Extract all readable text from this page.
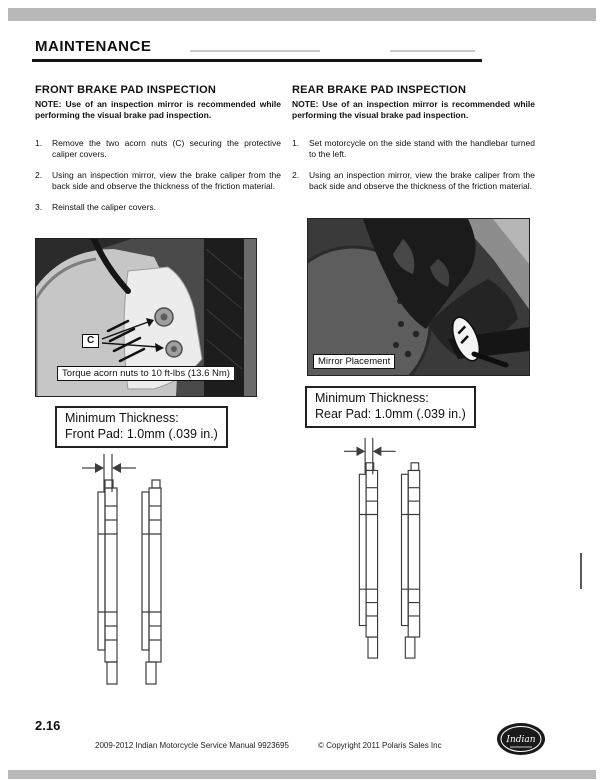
MAINTENANCE
FRONT BRAKE PAD INSPECTION
NOTE: Use of an inspection mirror is recommended while performing the visual brake pad inspection.
1.	Remove the two acorn nuts (C) securing the protective caliper covers.
2.	Using an inspection mirror, view the brake caliper from the back side and observe the thickness of the friction material.
3.	Reinstall the caliper covers.
C
Torque acorn nuts to 10 ft-lbs (13.6 Nm)
Minimum Thickness:
Front Pad: 1.0mm (.039 in.)
REAR BRAKE PAD INSPECTION
NOTE: Use of an inspection mirror is recommended while performing the visual brake pad inspection.
1.	Set motorcycle on the side stand with the handlebar turned to the left.
2.	Using an inspection mirror, view the brake caliper from the back side and observe the thickness of the friction material.
Mirror Placement
Minimum Thickness:
Rear Pad: 1.0mm (.039 in.)
2.16
2009-2012 Indian Motorcycle Service Manual 9923695	© Copyright 2011 Polaris Sales Inc
Indian
